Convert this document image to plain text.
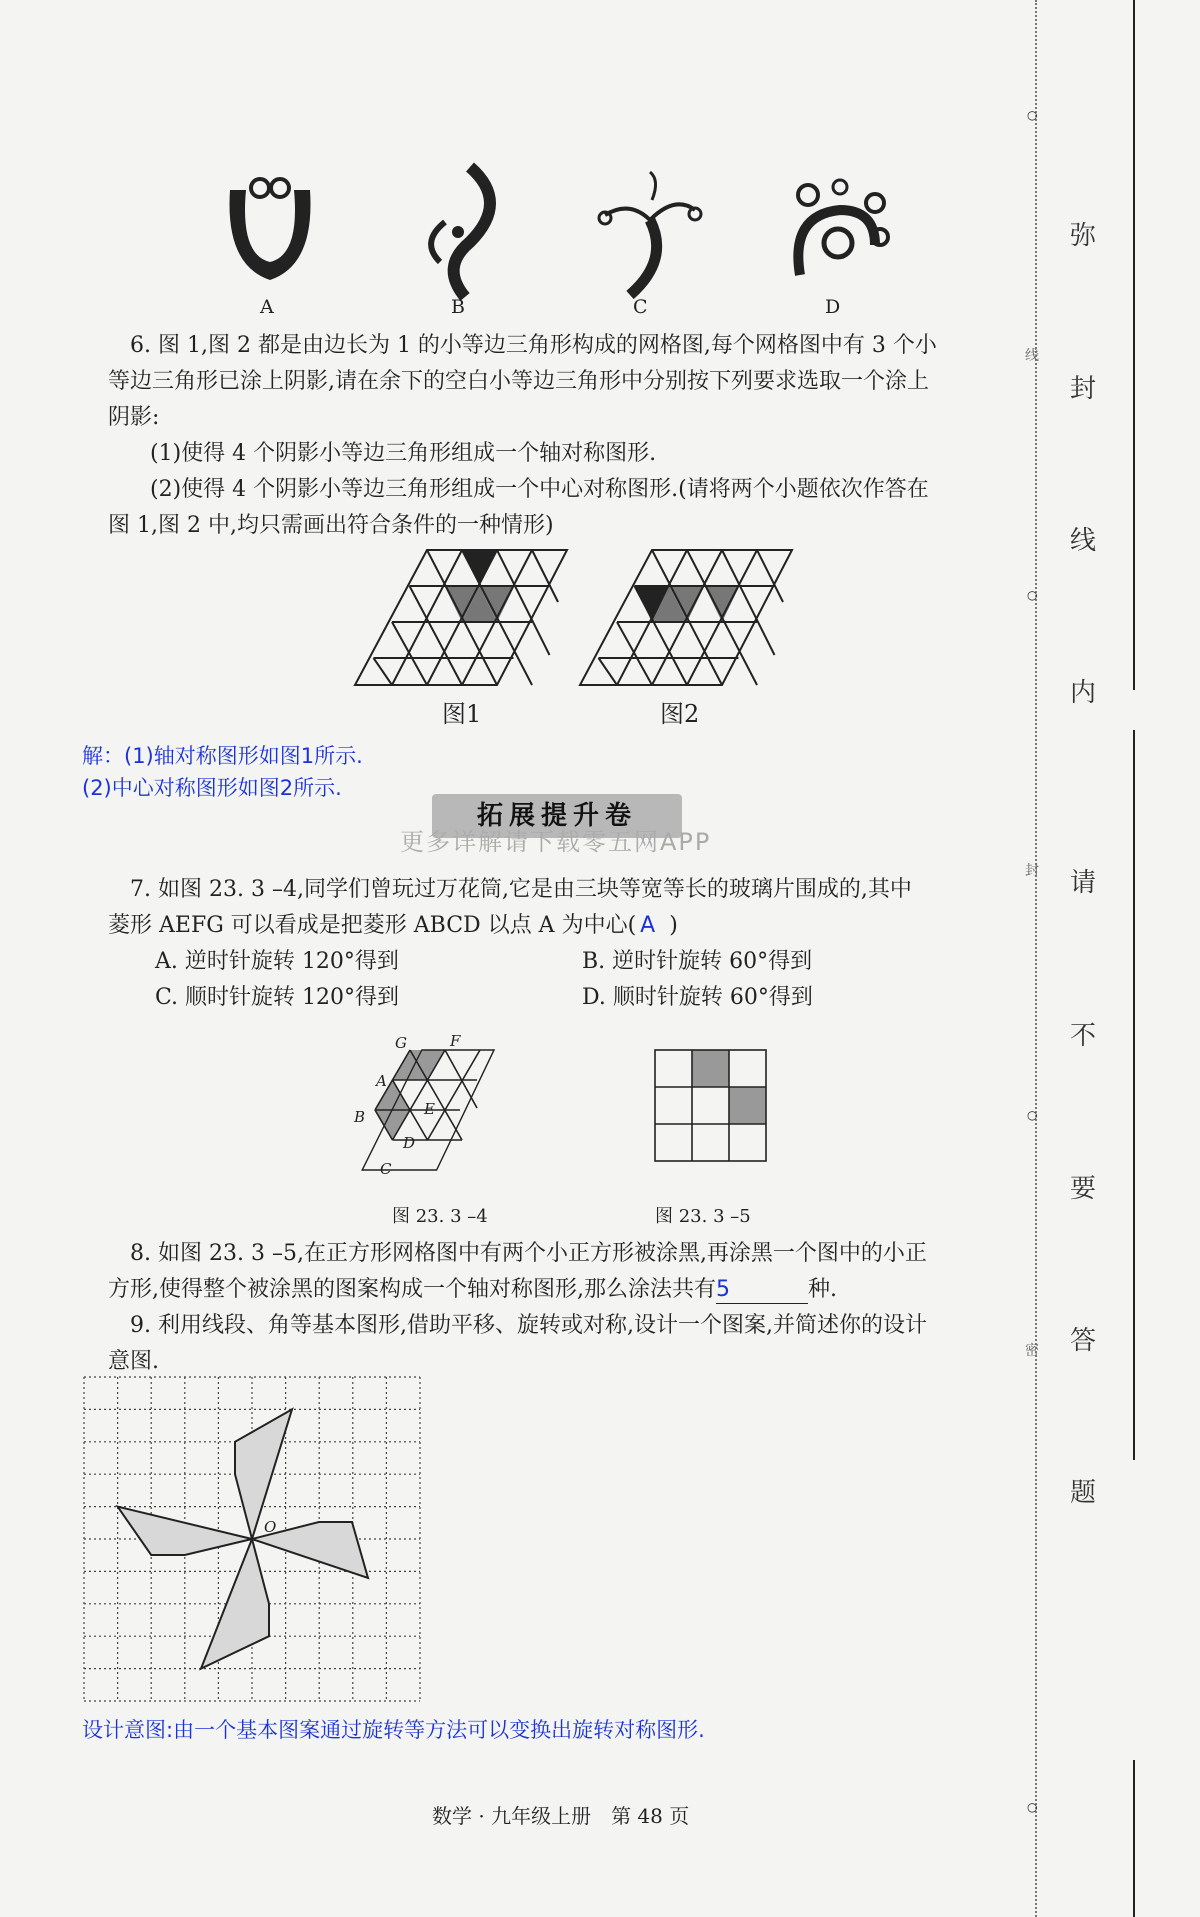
A	B	C	D
6. 图 1,图 2 都是由边长为 1 的小等边三角形构成的网格图,每个网格图中有 3 个小
等边三角形已涂上阴影,请在余下的空白小等边三角形中分别按下列要求选取一个涂上
阴影:
(1)使得 4 个阴影小等边三角形组成一个轴对称图形.
(2)使得 4 个阴影小等边三角形组成一个中心对称图形.(请将两个小题依次作答在
图 1,图 2 中,均只需画出符合条件的一种情形)
图1	图2
解：(1)轴对称图形如图1所示.
(2)中心对称图形如图2所示.
拓展提升卷
更多详解请下载零五网APP
7. 如图 23. 3 –4,同学们曾玩过万花筒,它是由三块等宽等长的玻璃片围成的,其中
菱形 AEFG 可以看成是把菱形 ABCD 以点 A 为中心( A )
A. 逆时针旋转 120°得到	B. 逆时针旋转 60°得到
C. 顺时针旋转 120°得到	D. 顺时针旋转 60°得到
G	F
A
E
B
D
C
图 23. 3 –4	图 23. 3 –5
8. 如图 23. 3 –5,在正方形网格图中有两个小正方形被涂黑,再涂黑一个图中的小正
方形,使得整个被涂黑的图案构成一个轴对称图形,那么涂法共有5	种.
9. 利用线段、角等基本图形,借助平移、旋转或对称,设计一个图案,并简述你的设计
意图.
O
设计意图:由一个基本图案通过旋转等方法可以变换出旋转对称图形.
数学 · 九年级上册　第 48 页
○
○
○
○
线
封
密
弥
封
线
内
请
不
要
答
题
